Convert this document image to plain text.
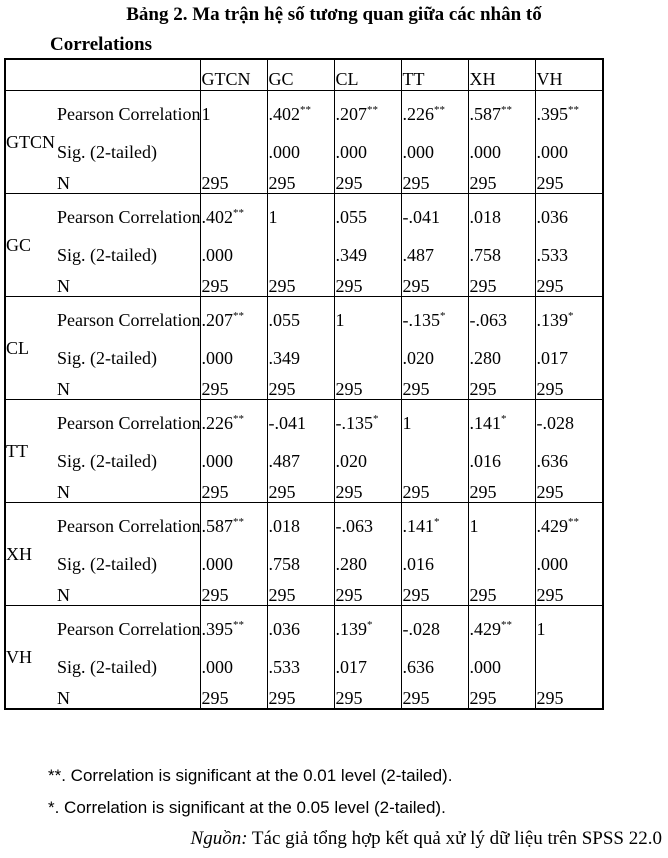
Bảng 2. Ma trận hệ số tương quan giữa các nhân tố
Correlations
		GTCN	GC	CL	TT	XH	VH
GTCN	Pearson Correlation	1	.402**	.207**	.226**	.587**	.395**
	Sig. (2-tailed)		.000	.000	.000	.000	.000
	N	295	295	295	295	295	295
GC	Pearson Correlation	.402**	1	.055	-.041	.018	.036
	Sig. (2-tailed)	.000		.349	.487	.758	.533
	N	295	295	295	295	295	295
CL	Pearson Correlation	.207**	.055	1	-.135*	-.063	.139*
	Sig. (2-tailed)	.000	.349		.020	.280	.017
	N	295	295	295	295	295	295
TT	Pearson Correlation	.226**	-.041	-.135*	1	.141*	-.028
	Sig. (2-tailed)	.000	.487	.020		.016	.636
	N	295	295	295	295	295	295
XH	Pearson Correlation	.587**	.018	-.063	.141*	1	.429**
	Sig. (2-tailed)	.000	.758	.280	.016		.000
	N	295	295	295	295	295	295
VH	Pearson Correlation	.395**	.036	.139*	-.028	.429**	1
	Sig. (2-tailed)	.000	.533	.017	.636	.000	
	N	295	295	295	295	295	295
**. Correlation is significant at the 0.01 level (2-tailed).
*. Correlation is significant at the 0.05 level (2-tailed).
Nguồn: Tác giả tổng hợp kết quả xử lý dữ liệu trên SPSS 22.0
